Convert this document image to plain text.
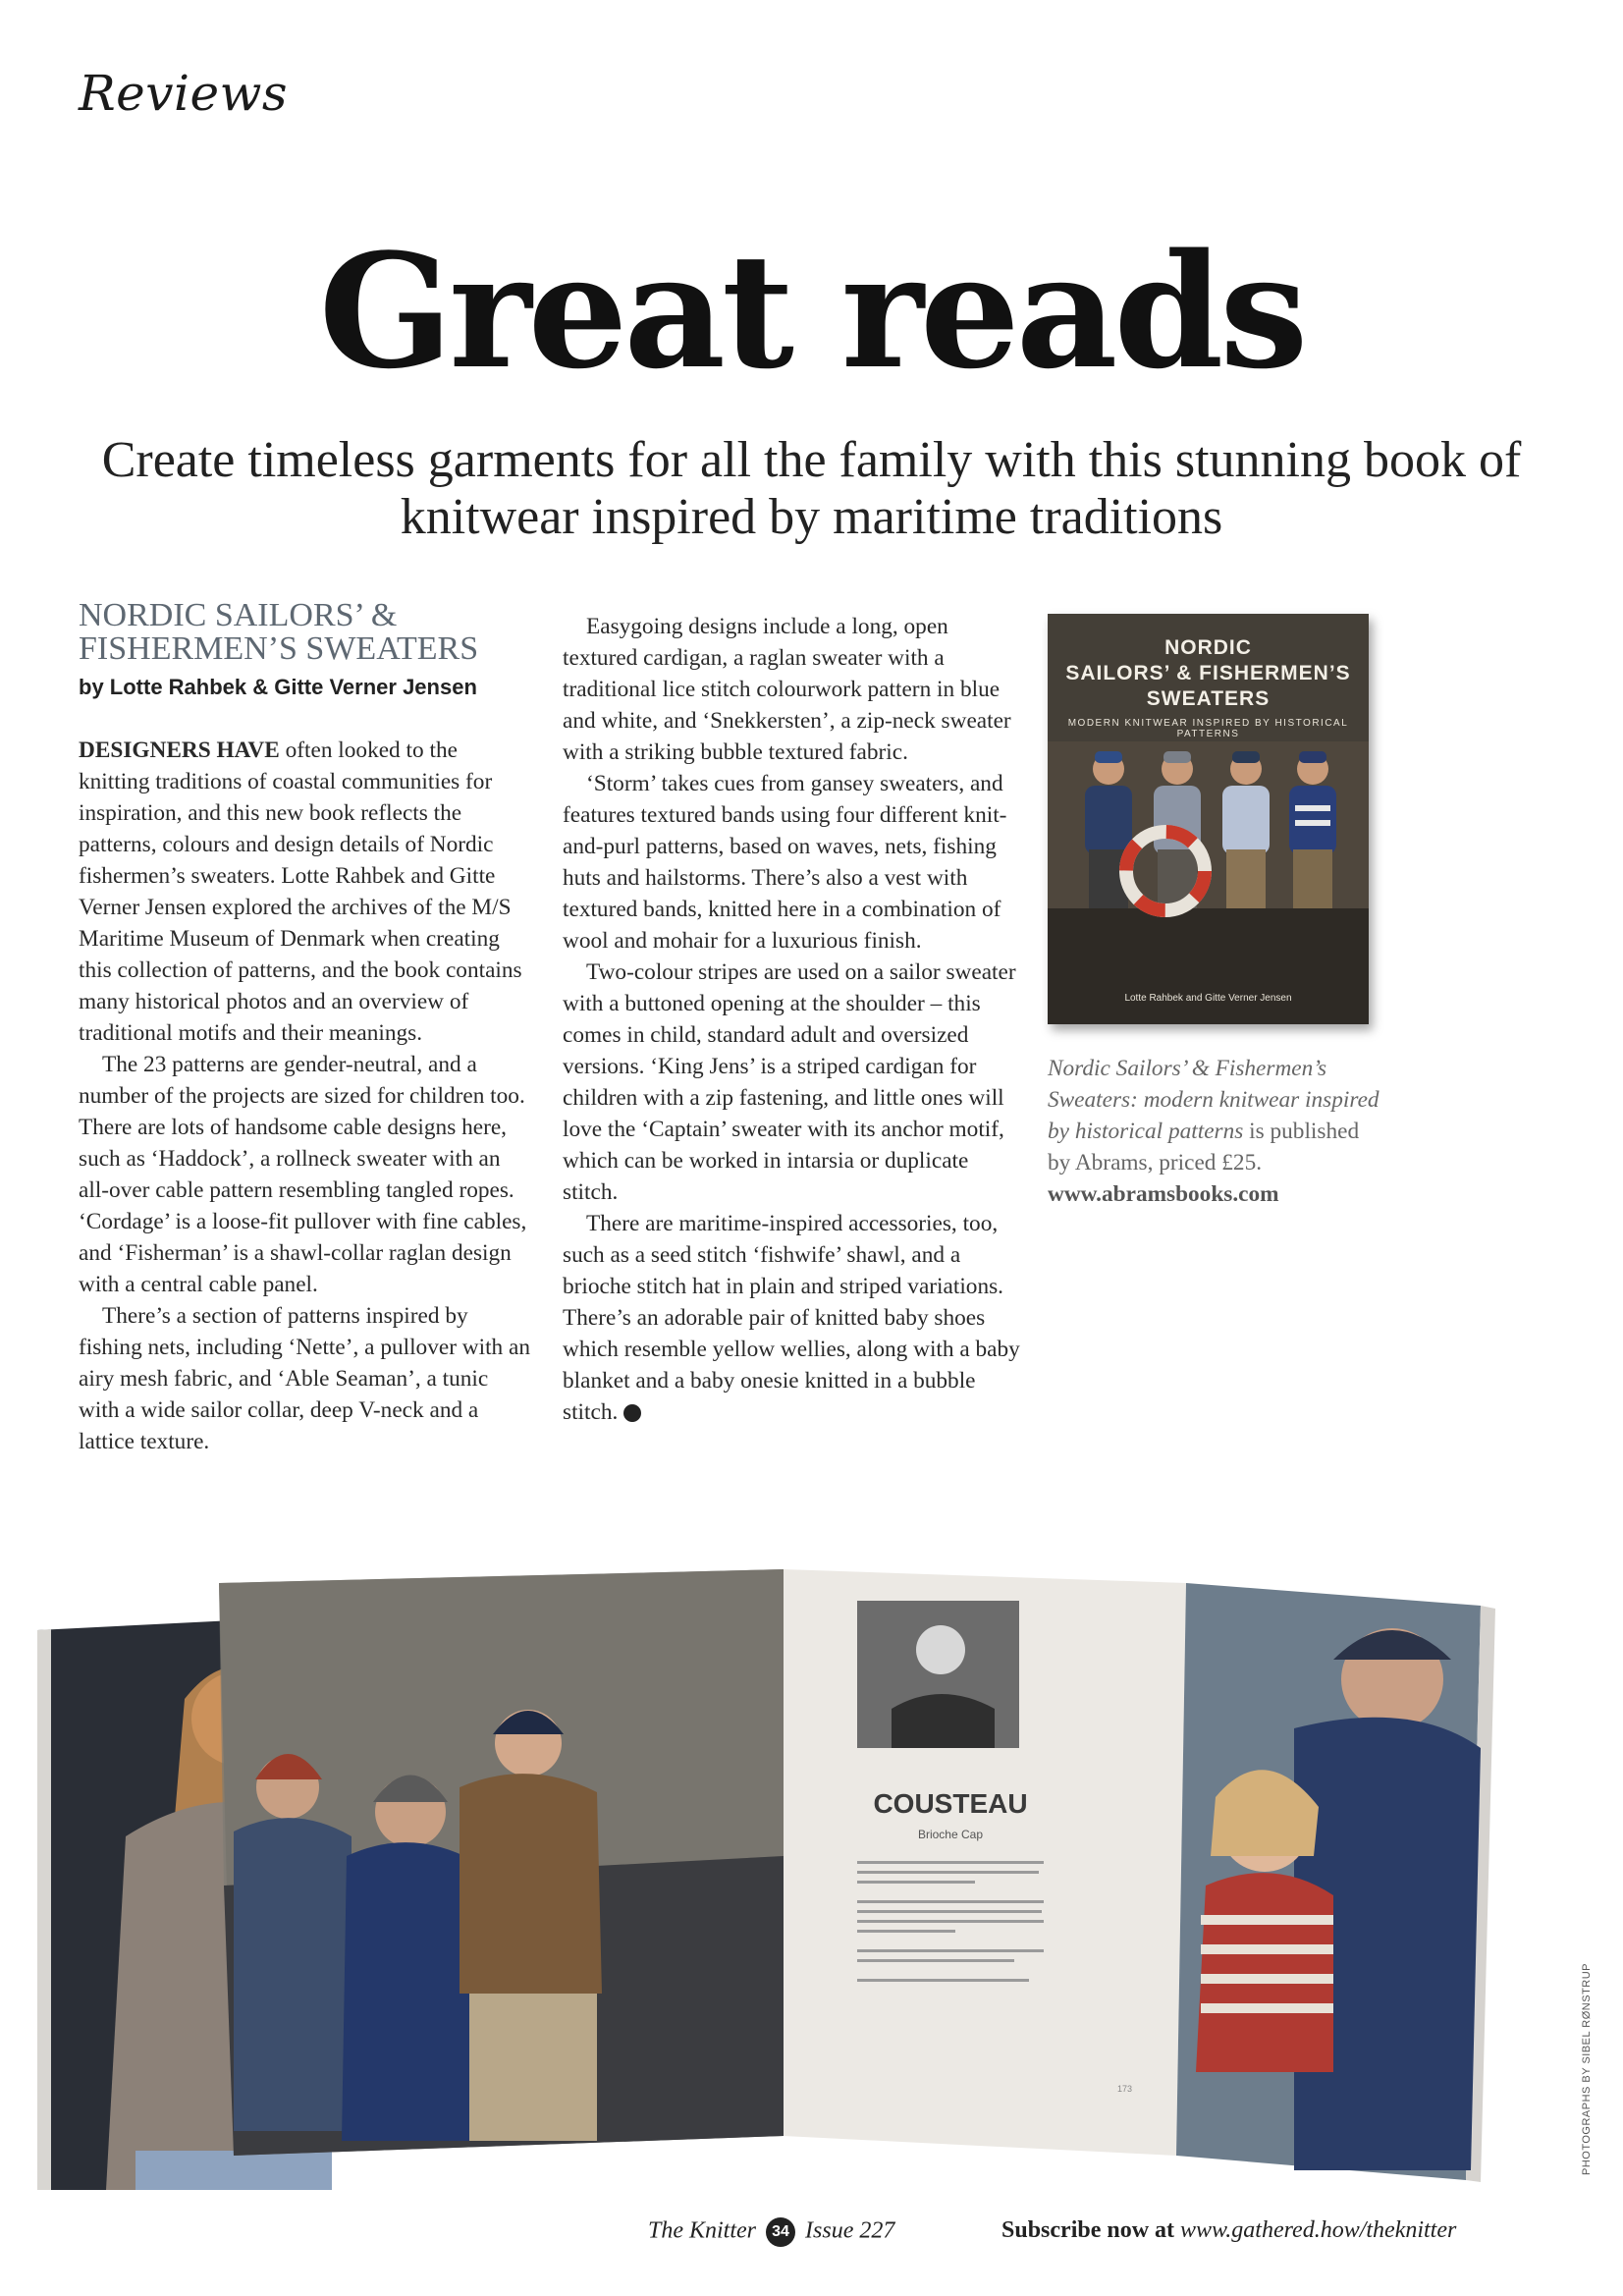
Reviews
Great reads
Create timeless garments for all the family with this stunning book of knitwear inspired by maritime traditions
NORDIC SAILORS’ &
FISHERMEN’S SWEATERS
by Lotte Rahbek & Gitte Verner Jensen

DESIGNERS HAVE often looked to the knitting traditions of coastal communities for inspiration, and this new book reflects the patterns, colours and design details of Nordic fishermen’s sweaters. Lotte Rahbek and Gitte Verner Jensen explored the archives of the M/S Maritime Museum of Denmark when creating this collection of patterns, and the book contains many historical photos and an overview of traditional motifs and their meanings.

The 23 patterns are gender-neutral, and a number of the projects are sized for children too. There are lots of handsome cable designs here, such as ‘Haddock’, a rollneck sweater with an all-over cable pattern resembling tangled ropes. ‘Cordage’ is a loose-fit pullover with fine cables, and ‘Fisherman’ is a shawl-collar raglan design with a central cable panel.

There’s a section of patterns inspired by fishing nets, including ‘Nette’, a pullover with an airy mesh fabric, and ‘Able Seaman’, a tunic with a wide sailor collar, deep V-neck and a lattice texture.

Easygoing designs include a long, open textured cardigan, a raglan sweater with a traditional lice stitch colourwork pattern in blue and white, and ‘Snekkersten’, a zip-neck sweater with a striking bubble textured fabric.

‘Storm’ takes cues from gansey sweaters, and features textured bands using four different knit-and-purl patterns, based on waves, nets, fishing huts and hailstorms. There’s also a vest with textured bands, knitted here in a combination of wool and mohair for a luxurious finish.

Two-colour stripes are used on a sailor sweater with a buttoned opening at the shoulder – this comes in child, standard adult and oversized versions. ‘King Jens’ is a striped cardigan for children with a zip fastening, and little ones will love the ‘Captain’ sweater with its anchor motif, which can be worked in intarsia or duplicate stitch.

There are maritime-inspired accessories, too, such as a seed stitch ‘fishwife’ shawl, and a brioche stitch hat in plain and striped variations. There’s an adorable pair of knitted baby shoes which resemble yellow wellies, along with a baby blanket and a baby onesie knitted in a bubble stitch. +

NORDIC
SAILORS’ & FISHERMEN’S
SWEATERS
MODERN KNITWEAR INSPIRED BY HISTORICAL PATTERNS
Lotte Rahbek and Gitte Verner Jensen
Nordic Sailors’ & Fishermen’s Sweaters: modern knitwear inspired by historical patterns is published by Abrams, priced £25.
www.abramsbooks.com
COUSTEAU
Brioche Cap
173	PHOTOGRAPHS BY SIBEL RØNSTRUP
The Knitter 34 Issue 227	Subscribe now at www.gathered.how/theknitter
